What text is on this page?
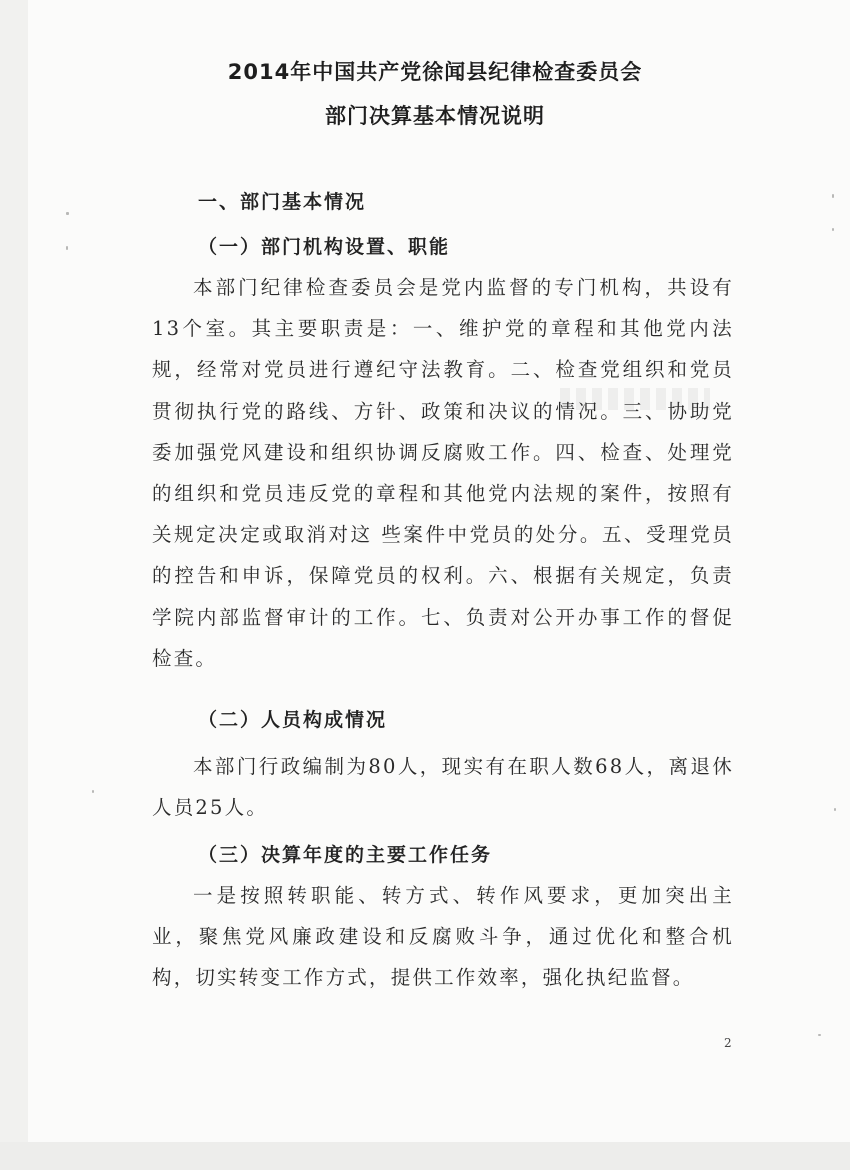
2014年中国共产党徐闻县纪律检查委员会
部门决算基本情况说明
一、部门基本情况
（一）部门机构设置、职能

本部门纪律检查委员会是党内监督的专门机构，共设有13个室。其主要职责是：一、维护党的章程和其他党内法规，经常对党员进行遵纪守法教育。二、检查党组织和党员贯彻执行党的路线、方针、政策和决议的情况。三、协助党委加强党风建设和组织协调反腐败工作。四、检查、处理党的组织和党员违反党的章程和其他党内法规的案件，按照有关规定决定或取消对这 些案件中党员的处分。五、受理党员的控告和申诉，保障党员的权利。六、根据有关规定，负责学院内部监督审计的工作。七、负责对公开办事工作的督促检查。

（二）人员构成情况

本部门行政编制为80人，现实有在职人数68人，离退休人员25人。

（三）决算年度的主要工作任务

一是按照转职能、转方式、转作风要求，更加突出主业，聚焦党风廉政建设和反腐败斗争，通过优化和整合机构，切实转变工作方式，提供工作效率，强化执纪监督。

2
